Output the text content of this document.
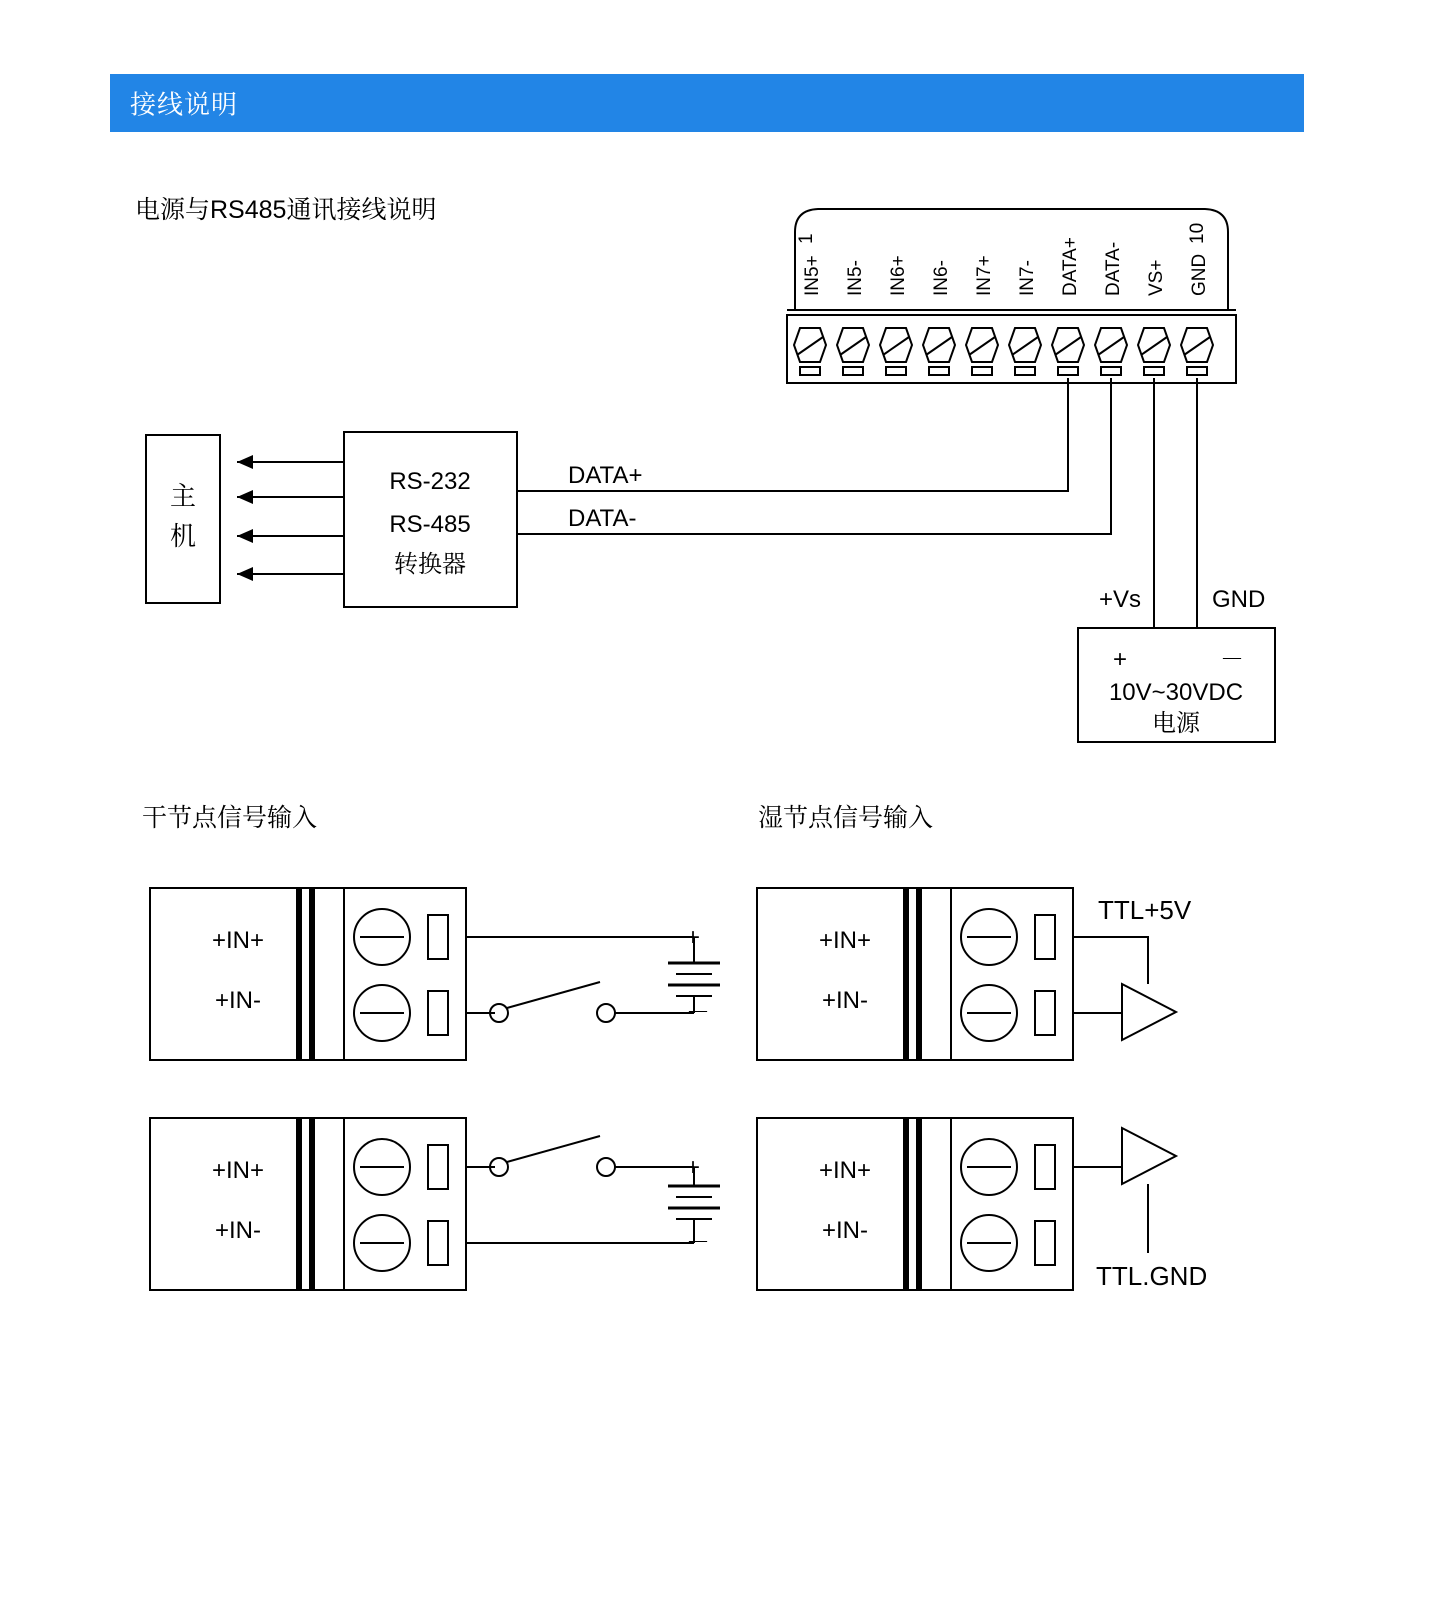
接线说明
电源与RS485通讯接线说明
干节点信号输入	湿节点信号输入
1	10
IN5+ IN5- IN6+ IN6- IN7+ IN7- DATA+ DATA- VS+ GND
主
机
RS-232
RS-485
转换器
DATA+
DATA-
+Vs	GND
+	－
10V~30VDC
电源
+IN+
+IN-
+
－
+IN+
+IN-
+
－
+IN+
+IN-
TTL+5V
+IN+
+IN-
TTL.GND
